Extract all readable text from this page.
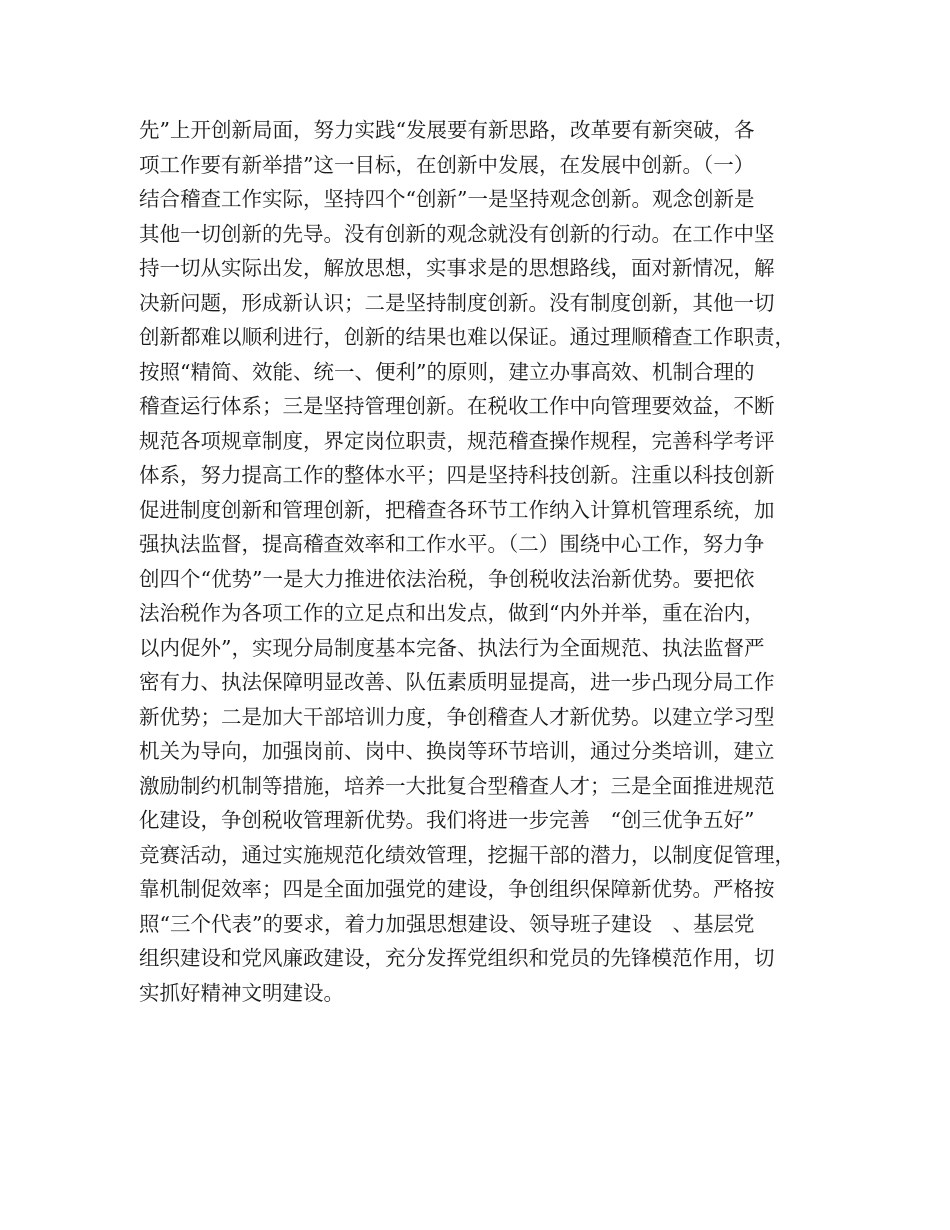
先”上开创新局面，努力实践“发展要有新思路，改革要有新突破，各
项工作要有新举措”这一目标，在创新中发展，在发展中创新。（一）
结合稽查工作实际，坚持四个“创新”一是坚持观念创新。观念创新是
其他一切创新的先导。没有创新的观念就没有创新的行动。在工作中坚
持一切从实际出发，解放思想，实事求是的思想路线，面对新情况，解
决新问题，形成新认识；二是坚持制度创新。没有制度创新，其他一切
创新都难以顺利进行，创新的结果也难以保证。通过理顺稽查工作职责，
按照“精简、效能、统一、便利”的原则，建立办事高效、机制合理的
稽查运行体系；三是坚持管理创新。在税收工作中向管理要效益，不断
规范各项规章制度，界定岗位职责，规范稽查操作规程，完善科学考评
体系，努力提高工作的整体水平；四是坚持科技创新。注重以科技创新
促进制度创新和管理创新，把稽查各环节工作纳入计算机管理系统，加
强执法监督，提高稽查效率和工作水平。（二）围绕中心工作，努力争
创四个“优势”一是大力推进依法治税，争创税收法治新优势。要把依
法治税作为各项工作的立足点和出发点，做到“内外并举，重在治内，
以内促外”，实现分局制度基本完备、执法行为全面规范、执法监督严
密有力、执法保障明显改善、队伍素质明显提高，进一步凸现分局工作
新优势；二是加大干部培训力度，争创稽查人才新优势。以建立学习型
机关为导向，加强岗前、岗中、换岗等环节培训，通过分类培训，建立
激励制约机制等措施，培养一大批复合型稽查人才；三是全面推进规范
化建设，争创税收管理新优势。我们将进一步完善　“创三优争五好”
竞赛活动，通过实施规范化绩效管理，挖掘干部的潜力，以制度促管理，
靠机制促效率；四是全面加强党的建设，争创组织保障新优势。严格按
照“三个代表”的要求，着力加强思想建设、领导班子建设　、基层党
组织建设和党风廉政建设，充分发挥党组织和党员的先锋模范作用，切
实抓好精神文明建设。
